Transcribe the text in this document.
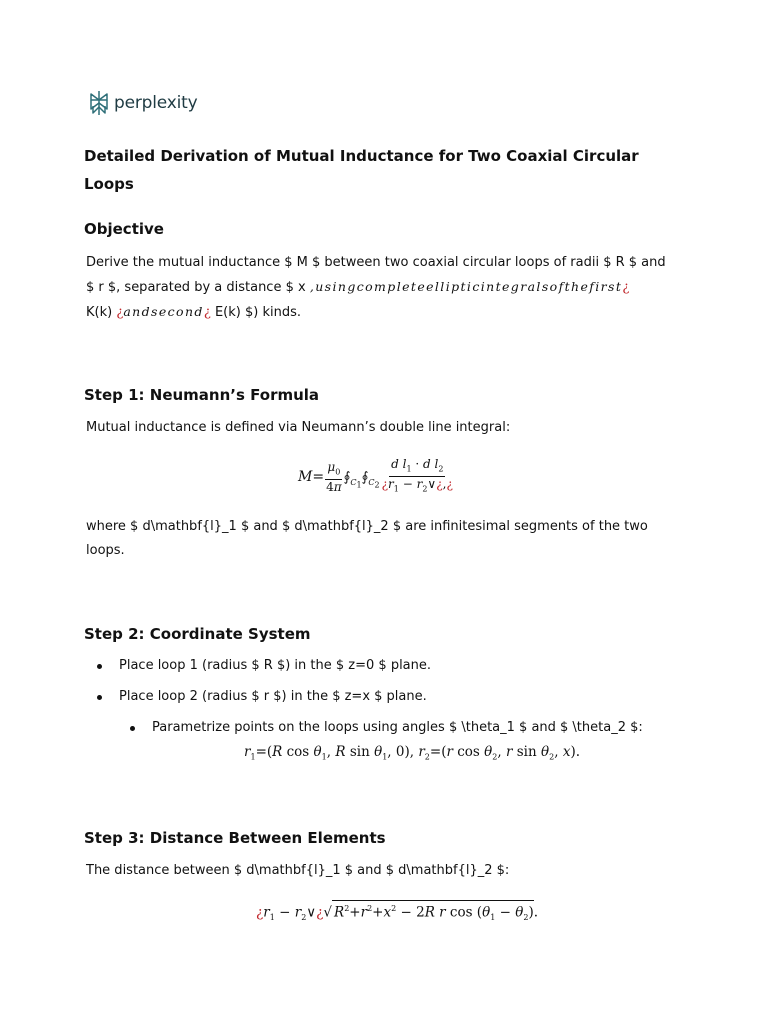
perplexity
Detailed Derivation of Mutual Inductance for Two Coaxial Circular Loops
Objective

Derive the mutual inductance $ M $ between two coaxial circular loops of radii $ R $ and

$ r $, separated by a distance $ x ,usingcompleteellipticintegralsofthefirst¿

K(k) ¿andsecond¿ E(k) $) kinds.

Step 1: Neumann’s Formula

Mutual inductance is defined via Neumann’s double line integral:

$M= \frac{\mu_0}{4\pi}$ $∮_{C_1}∮_{C_2} \frac{d l_1 \cdot d l_2}{¿r_1 - r_2\vee¿,¿}$

where $ d\mathbf{l}_1 $ and $ d\mathbf{l}_2 $ are infinitesimal segments of the two

loops.

Step 2: Coordinate System
Place loop 1 (radius $ R $) in the $ z=0 $ plane.
Place loop 2 (radius $ r $) in the $ z=x $ plane.
Parametrize points on the loops using angles $ \theta_1 $ and $ \theta_2 $:
$r_1=(R$ $\cos \theta_1$, R $\sin \theta_1$, 0), $r_2=(r$ $\cos \theta_2$, r $\sin \theta_2$, x).
Step 3: Distance Between Elements

The distance between $ d\mathbf{l}_1 $ and $ d\mathbf{l}_2 $:

¿$r_1$ − $r_2\vee¿√$ $R^2+r^2+x^2 - 2R$ r $\cos (\theta_1 - \theta_2)$.
